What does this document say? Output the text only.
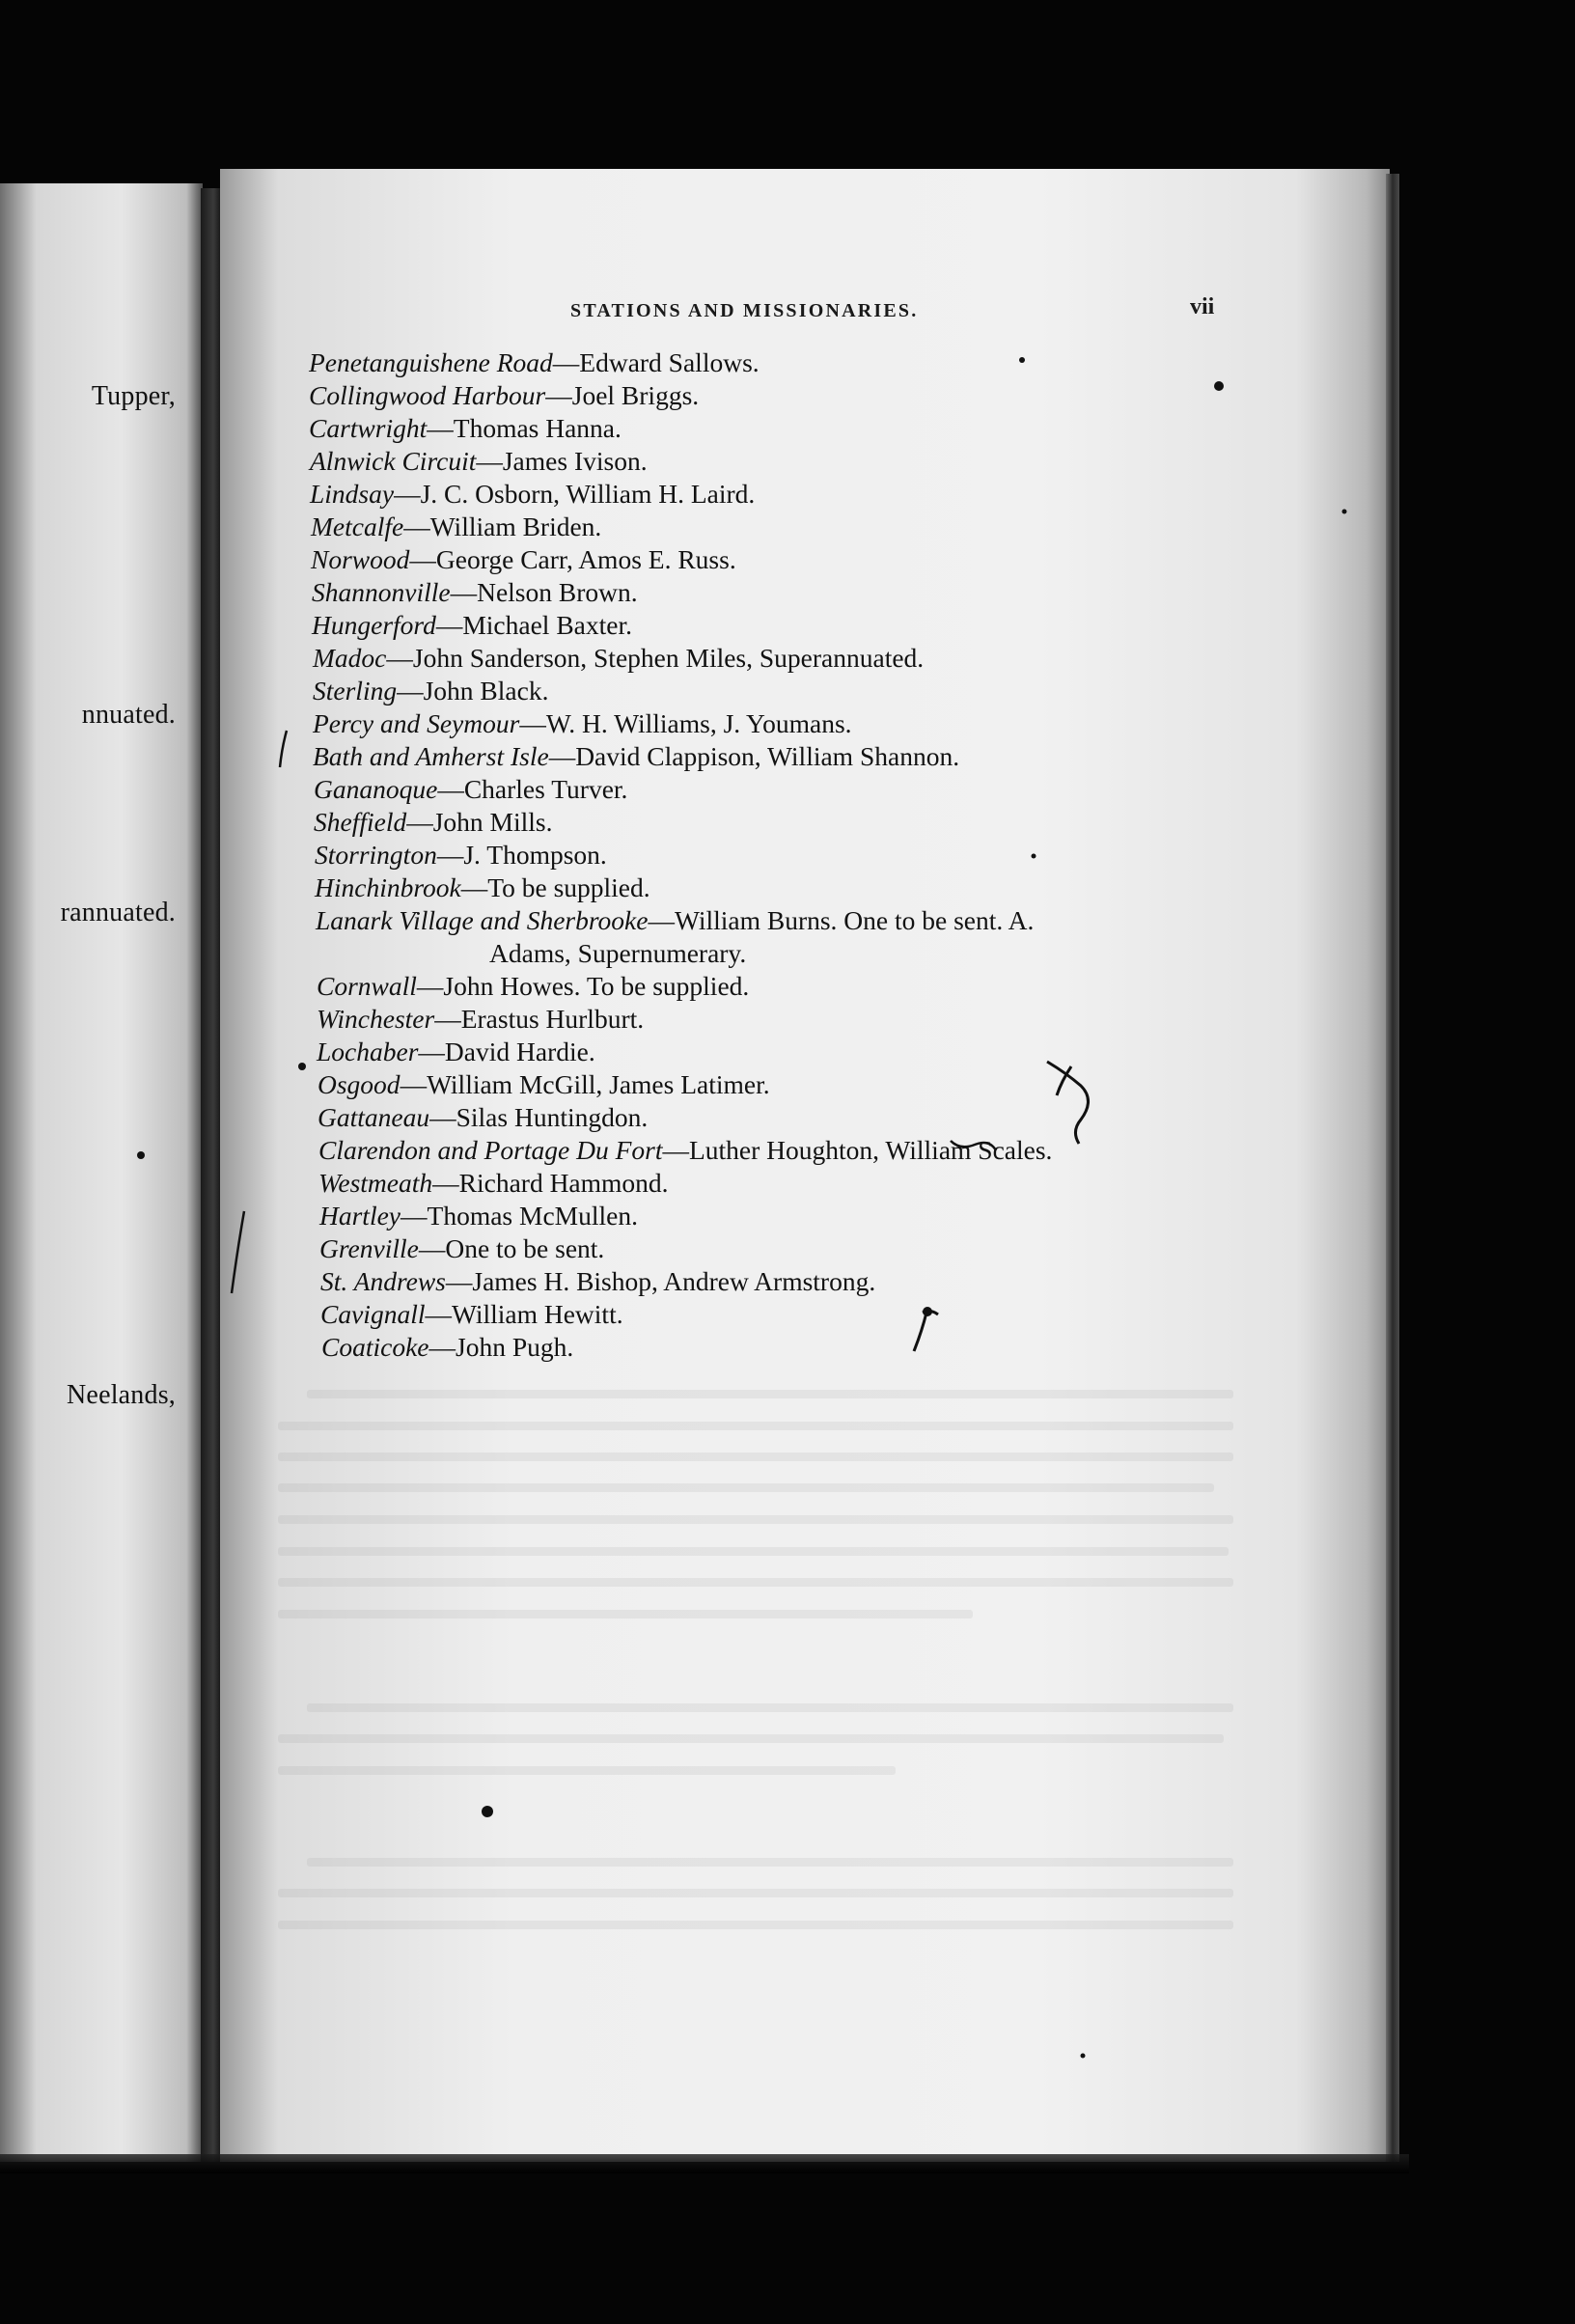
Tupper,
nnuated.
rannuated.
Neelands,
STATIONS AND MISSIONARIES.	vii
Penetanguishene Road—Edward Sallows.
Collingwood Harbour—Joel Briggs.
Cartwright—Thomas Hanna.
Alnwick Circuit—James Ivison.
Lindsay—J. C. Osborn, William H. Laird.
Metcalfe—William Briden.
Norwood—George Carr, Amos E. Russ.
Shannonville—Nelson Brown.
Hungerford—Michael Baxter.
Madoc—John Sanderson, Stephen Miles, Superannuated.
Sterling—John Black.
Percy and Seymour—W. H. Williams, J. Youmans.
Bath and Amherst Isle—David Clappison, William Shannon.
Gananoque—Charles Turver.
Sheffield—John Mills.
Storrington—J. Thompson.
Hinchinbrook—To be supplied.
Lanark Village and Sherbrooke—William Burns. One to be sent. A.
Adams, Supernumerary.
Cornwall—John Howes. To be supplied.
Winchester—Erastus Hurlburt.
Lochaber—David Hardie.
Osgood—William McGill, James Latimer.
Gattaneau—Silas Huntingdon.
Clarendon and Portage Du Fort—Luther Houghton, William Scales.
Westmeath—Richard Hammond.
Hartley—Thomas McMullen.
Grenville—One to be sent.
St. Andrews—James H. Bishop, Andrew Armstrong.
Cavignall—William Hewitt.
Coaticoke—John Pugh.
